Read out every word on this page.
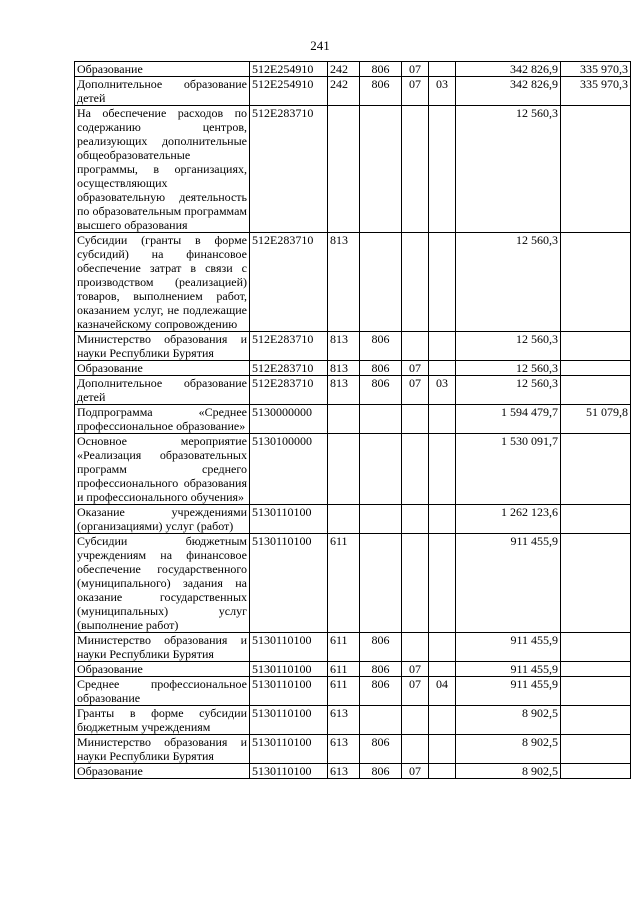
241
Образование	512E254910	242	806	07		342 826,9	335 970,3
Дополнительное образование детей	512E254910	242	806	07	03	342 826,9	335 970,3
На обеспечение расходов по содержанию центров, реализующих дополнительные общеобразовательные программы, в организациях, осуществляющих образовательную деятельность по образовательным программам высшего образования	512E283710					12 560,3	
Субсидии (гранты в форме субсидий) на финансовое обеспечение затрат в связи с производством (реализацией) товаров, выполнением работ, оказанием услуг, не подлежащие казначейскому сопровождению	512E283710	813				12 560,3	
Министерство образования и науки Республики Бурятия	512E283710	813	806			12 560,3	
Образование	512E283710	813	806	07		12 560,3	
Дополнительное образование детей	512E283710	813	806	07	03	12 560,3	
Подпрограмма «Среднее профессиональное образование»	5130000000					1 594 479,7	51 079,8
Основное мероприятие «Реализация образовательных программ среднего профессионального образования и профессионального обучения»	5130100000					1 530 091,7	
Оказание учреждениями (организациями) услуг (работ)	5130110100					1 262 123,6	
Субсидии бюджетным учреждениям на финансовое обеспечение государственного (муниципального) задания на оказание государственных (муниципальных) услуг (выполнение работ)	5130110100	611				911 455,9	
Министерство образования и науки Республики Бурятия	5130110100	611	806			911 455,9	
Образование	5130110100	611	806	07		911 455,9	
Среднее профессиональное образование	5130110100	611	806	07	04	911 455,9	
Гранты в форме субсидии бюджетным учреждениям	5130110100	613				8 902,5	
Министерство образования и науки Республики Бурятия	5130110100	613	806			8 902,5	
Образование	5130110100	613	806	07		8 902,5	
